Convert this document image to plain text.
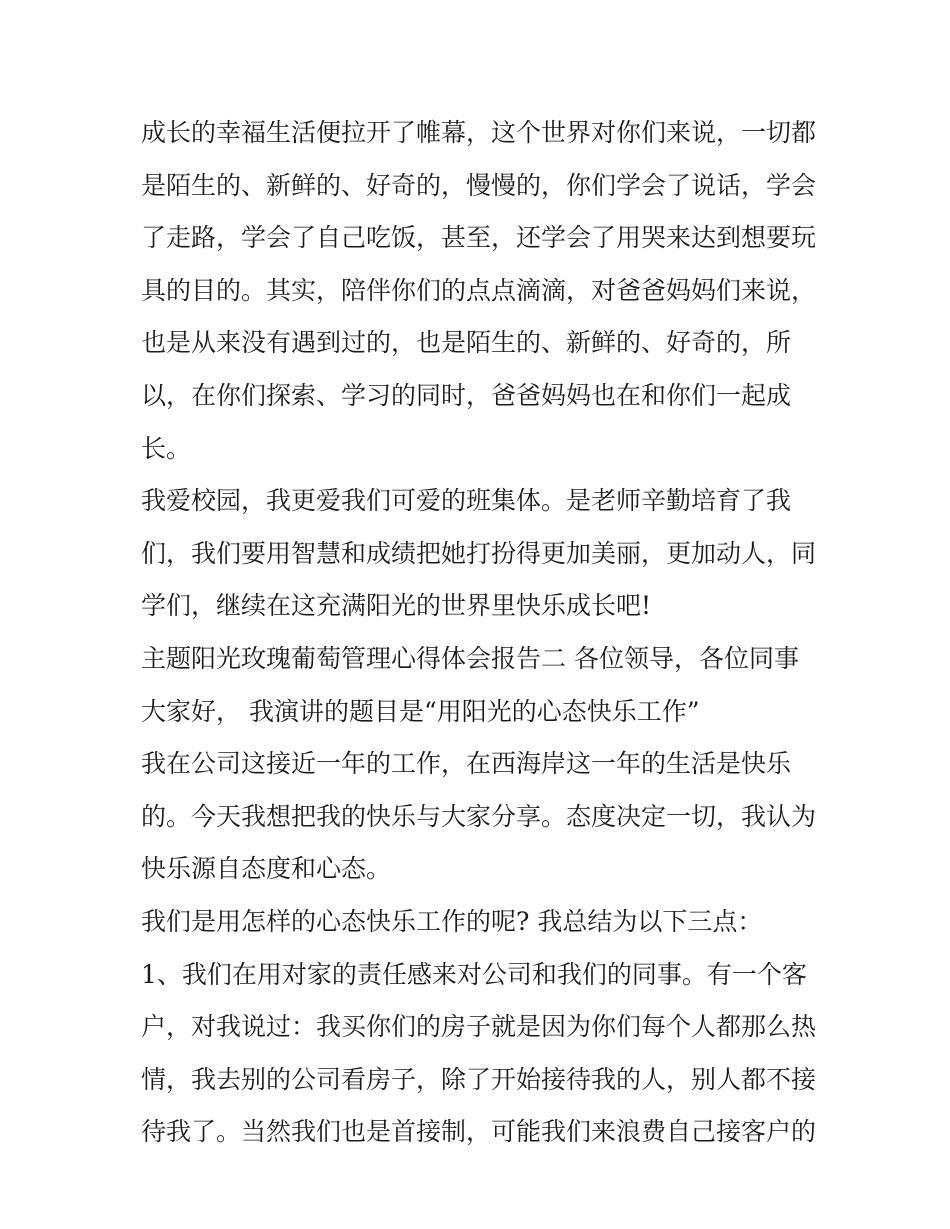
成长的幸福生活便拉开了帷幕，这个世界对你们来说，一切都
是陌生的、新鲜的、好奇的，慢慢的，你们学会了说话，学会
了走路，学会了自己吃饭，甚至，还学会了用哭来达到想要玩
具的目的。其实，陪伴你们的点点滴滴，对爸爸妈妈们来说，
也是从来没有遇到过的，也是陌生的、新鲜的、好奇的，所
以，在你们探索、学习的同时，爸爸妈妈也在和你们一起成
长。
我爱校园，我更爱我们可爱的班集体。是老师辛勤培育了我
们，我们要用智慧和成绩把她打扮得更加美丽，更加动人，同
学们，继续在这充满阳光的世界里快乐成长吧!
主题阳光玫瑰葡萄管理心得体会报告二 各位领导，各位同事
大家好， 我演讲的题目是“用阳光的心态快乐工作”
我在公司这接近一年的工作，在西海岸这一年的生活是快乐
的。今天我想把我的快乐与大家分享。态度决定一切，我认为
快乐源自态度和心态。
我们是用怎样的心态快乐工作的呢? 我总结为以下三点：
1、我们在用对家的责任感来对公司和我们的同事。有一个客
户，对我说过：我买你们的房子就是因为你们每个人都那么热
情，我去别的公司看房子，除了开始接待我的人，别人都不接
待我了。当然我们也是首接制，可能我们来浪费自己接客户的
